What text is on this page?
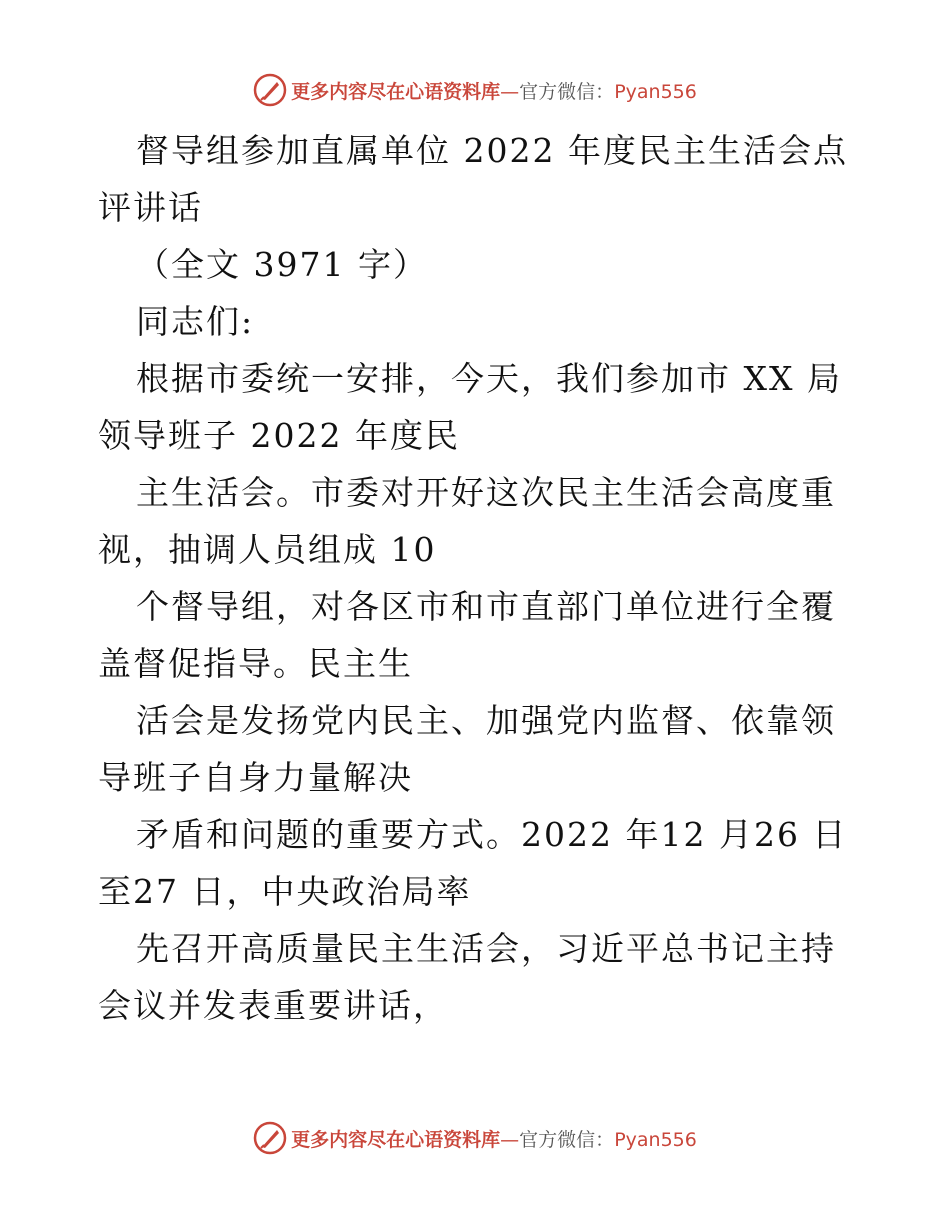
更多内容尽在心语资料库—官方微信：Pyan556

督导组参加直属单位 2022 年度民主生活会点评讲话

（全文 3971 字）

同志们:

根据市委统一安排，今天，我们参加市 XX 局领导班子 2022 年度民

主生活会。市委对开好这次民主生活会高度重视，抽调人员组成 10

个督导组，对各区市和市直部门单位进行全覆盖督促指导。民主生

活会是发扬党内民主、加强党内监督、依靠领导班子自身力量解决

矛盾和问题的重要方式。2022 年12 月26 日至27 日，中央政治局率

先召开高质量民主生活会，习近平总书记主持会议并发表重要讲话，

更多内容尽在心语资料库—官方微信：Pyan556
